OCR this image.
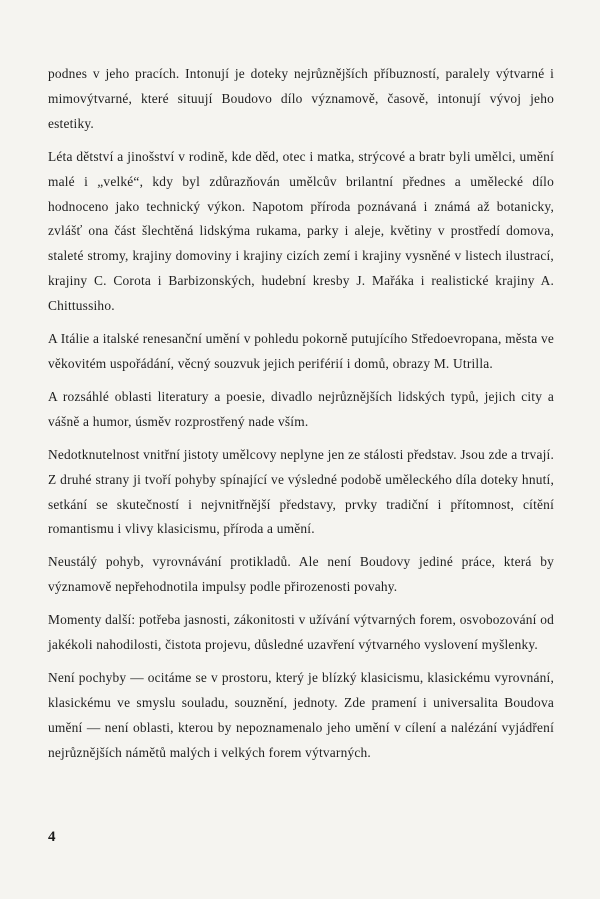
podnes v jeho pracích. Intonují je doteky nejrůznějších příbuzností, paralely výtvarné i mimovýtvarné, které situují Boudovo dílo významově, časově, intonují vývoj jeho estetiky.

Léta dětství a jinošství v rodině, kde děd, otec i matka, strýcové a bratr byli umělci, umění malé i „velké“, kdy byl zdůrazňován umělcův brilantní přednes a umělecké dílo hodnoceno jako technický výkon. Napotom příroda poznávaná i známá až botanicky, zvlášť ona část šlechtěná lidskýma rukama, parky i aleje, květiny v prostředí domova, staleté stromy, krajiny domoviny i krajiny cizích zemí i krajiny vysněné v listech ilustrací, krajiny C. Corota i Barbizonských, hudební kresby J. Mařáka i realistické krajiny A. Chittussiho.

A Itálie a italské renesanční umění v pohledu pokorně putujícího Středoevropana, města ve věkovitém uspořádání, věcný souzvuk jejich periférií i domů, obrazy M. Utrilla.

A rozsáhlé oblasti literatury a poesie, divadlo nejrůznějších lidských typů, jejich city a vášně a humor, úsměv rozprostřený nade vším.

Nedotknutelnost vnitřní jistoty umělcovy neplyne jen ze stálosti představ. Jsou zde a trvají. Z druhé strany ji tvoří pohyby spínající ve výsledné podobě uměleckého díla doteky hnutí, setkání se skutečností i nejvnitřnější představy, prvky tradiční i přítomnost, cítění romantismu i vlivy klasicismu, příroda a umění.

Neustálý pohyb, vyrovnávání protikladů. Ale není Boudovy jediné práce, která by významově nepřehodnotila impulsy podle přirozenosti povahy.

Momenty další: potřeba jasnosti, zákonitosti v užívání výtvarných forem, osvobozování od jakékoli nahodilosti, čistota projevu, důsledné uzavření výtvarného vyslovení myšlenky.

Není pochyby — ocitáme se v prostoru, který je blízký klasicismu, klasickému vyrovnání, klasickému ve smyslu souladu, souznění, jednoty. Zde pramení i universalita Boudova umění — není oblasti, kterou by nepoznamenalo jeho umění v cílení a nalézání vyjádření nejrůznějších námětů malých i velkých forem výtvarných.

4
